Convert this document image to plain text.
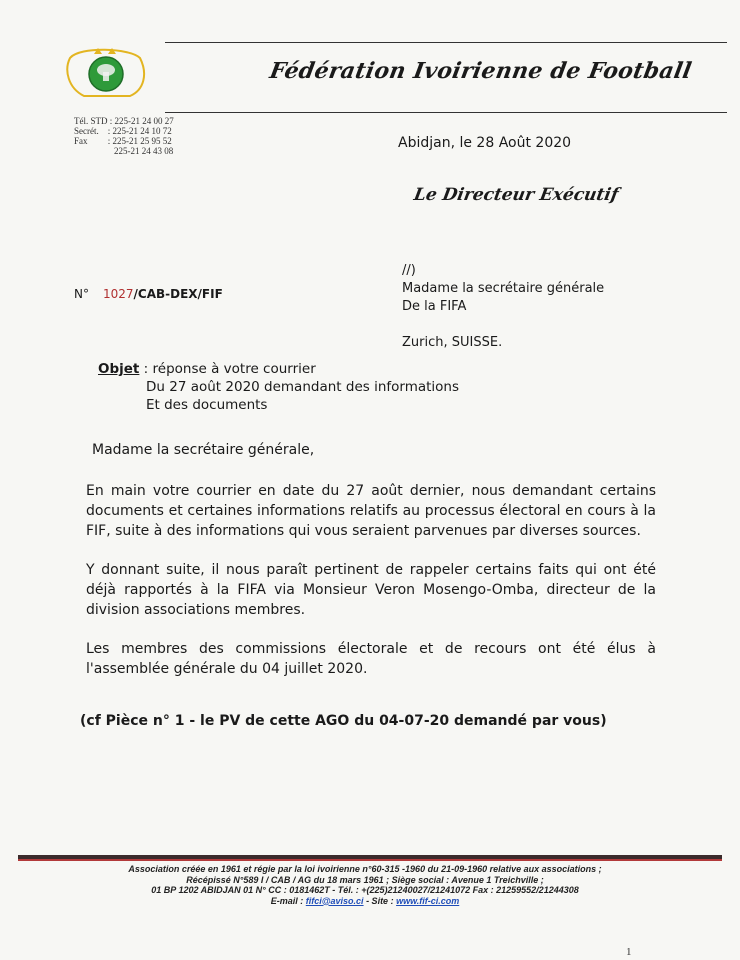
Fédération Ivoirienne de Football
Tél. STD : 225-21 24 00 27
Secrét.    : 225-21 24 10 72
Fax         : 225-21 25 95 52
225-21 24 43 08	Abidjan, le 28 Août 2020
Le Directeur Exécutif
N° 1027/CAB-DEX/FIF
//)
Madame la secrétaire générale
De la FIFA
Zurich, SUISSE.
Objet : réponse à votre courrier
Du 27 août 2020 demandant des informations
Et des documents
Madame la secrétaire générale,
En main votre courrier en date du 27 août dernier, nous demandant certains documents et certaines informations relatifs au processus électoral en cours à la FIF, suite à des informations qui vous seraient parvenues par diverses sources.
Y donnant suite, il nous paraît pertinent de rappeler certains faits qui ont été déjà rapportés à la FIFA via Monsieur Veron Mosengo-Omba, directeur de la division associations membres.
Les membres des commissions électorale et de recours ont été élus à l'assemblée générale du 04 juillet 2020.
(cf Pièce n° 1 - le PV de cette AGO du 04-07-20 demandé par vous)
Association créée en 1961 et régie par la loi ivoirienne n°60-315 -1960 du 21-09-1960 relative aux associations ;
Récépissé N°589 I / CAB / AG du 18 mars 1961 ; Siège social : Avenue 1 Treichville ;
01 BP 1202 ABIDJAN 01 N° CC : 0181462T - Tél. : +(225)21240027/21241072 Fax : 21259552/21244308
E-mail : fifci@aviso.ci - Site : www.fif-ci.com
1
